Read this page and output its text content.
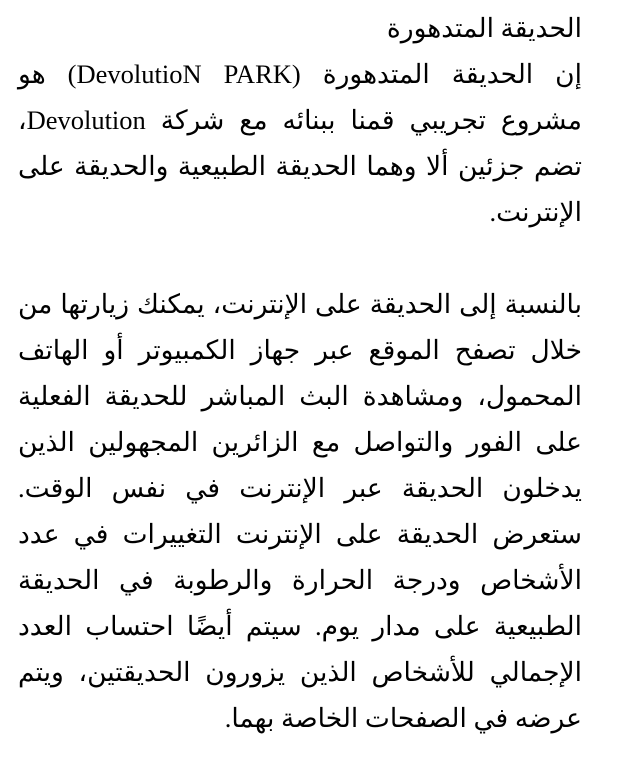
الحديقة المتدهورة

إن الحديقة المتدهورة (DevolutioN PARK) هو مشروع تجريبي قمنا ببنائه مع شركة Devolution، تضم جزئين ألا وهما الحديقة الطبيعية والحديقة على الإنترنت.

بالنسبة إلى الحديقة على الإنترنت، يمكنك زيارتها من خلال تصفح الموقع عبر جهاز الكمبيوتر أو الهاتف المحمول، ومشاهدة البث المباشر للحديقة الفعلية على الفور والتواصل مع الزائرين المجهولين الذين يدخلون الحديقة عبر الإنترنت في نفس الوقت. ستعرض الحديقة على الإنترنت التغييرات في عدد الأشخاص ودرجة الحرارة والرطوبة في الحديقة الطبيعية على مدار يوم. سيتم أيضًا احتساب العدد الإجمالي للأشخاص الذين يزورون الحديقتين، ويتم عرضه في الصفحات الخاصة بهما.
